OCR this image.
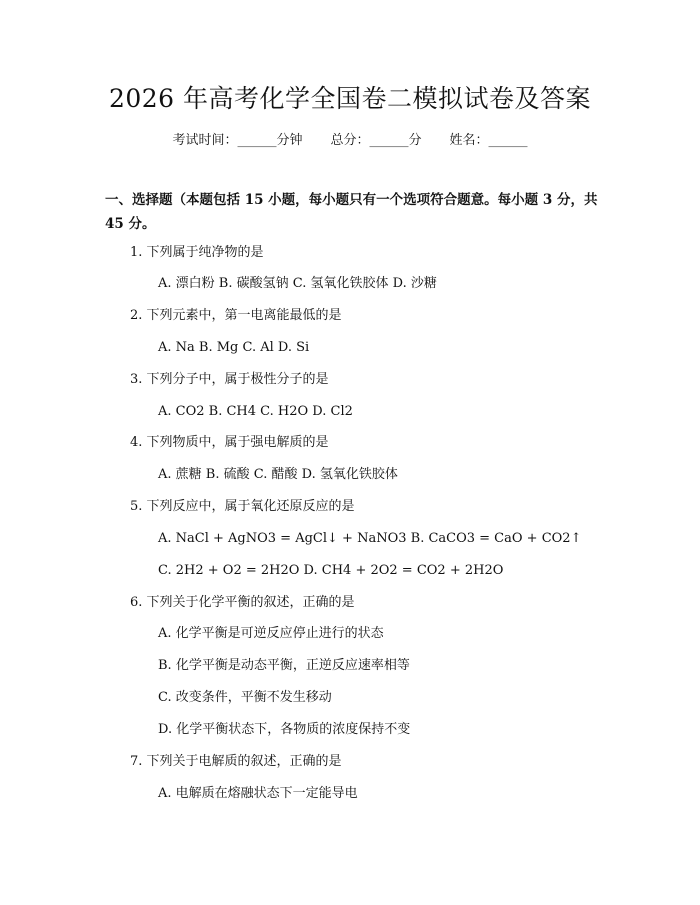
2026 年高考化学全国卷二模拟试卷及答案
考试时间：______分钟 总分：______分 姓名：______
一、选择题（本题包括 15 小题，每小题只有一个选项符合题意。每小题 3 分，共 45 分。
1. 下列属于纯净物的是
A. 漂白粉 B. 碳酸氢钠 C. 氢氧化铁胶体 D. 沙糖
2. 下列元素中，第一电离能最低的是
A. Na B. Mg C. Al D. Si
3. 下列分子中，属于极性分子的是
A. CO2 B. CH4 C. H2O D. Cl2
4. 下列物质中，属于强电解质的是
A. 蔗糖 B. 硫酸 C. 醋酸 D. 氢氧化铁胶体
5. 下列反应中，属于氧化还原反应的是
A. NaCl + AgNO3 = AgCl↓ + NaNO3 B. CaCO3 = CaO + CO2↑
C. 2H2 + O2 = 2H2O D. CH4 + 2O2 = CO2 + 2H2O
6. 下列关于化学平衡的叙述，正确的是
A. 化学平衡是可逆反应停止进行的状态
B. 化学平衡是动态平衡，正逆反应速率相等
C. 改变条件，平衡不发生移动
D. 化学平衡状态下，各物质的浓度保持不变
7. 下列关于电解质的叙述，正确的是
A. 电解质在熔融状态下一定能导电
